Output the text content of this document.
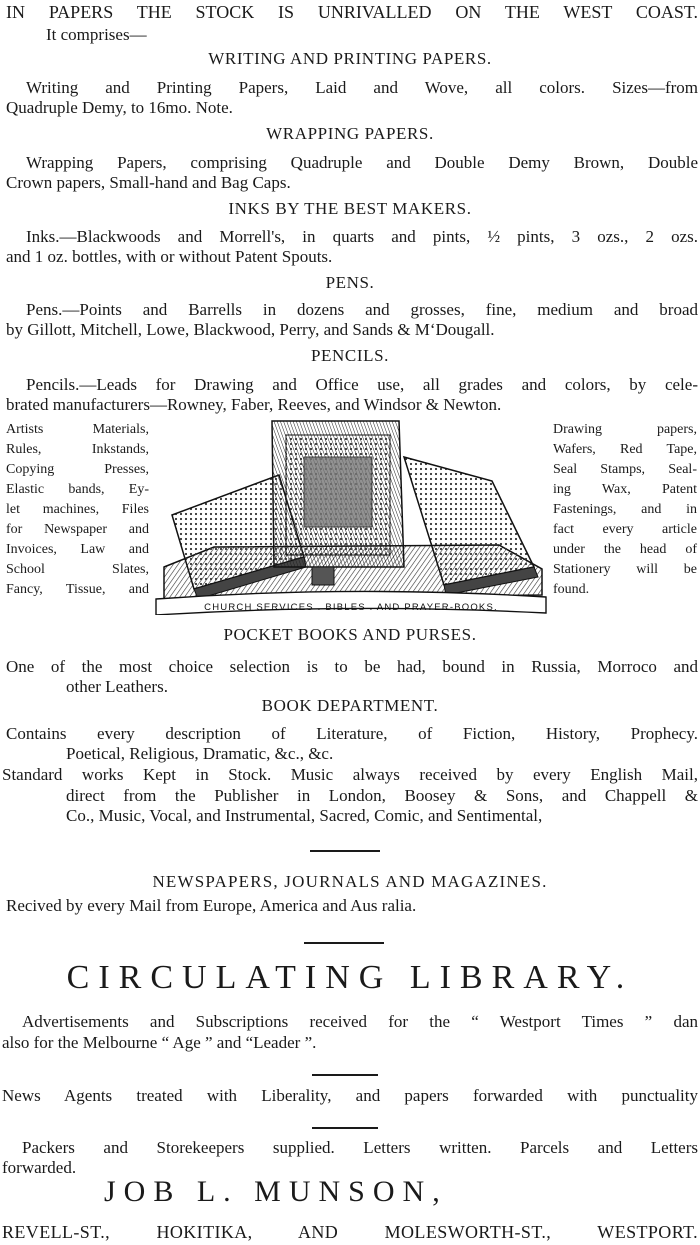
IN PAPERS THE STOCK IS UNRIVALLED ON THE WEST COAST.
It comprises—
WRITING AND PRINTING PAPERS.
Writing and Printing Papers, Laid and Wove, all colors. Sizes—from
Quadruple Demy, to 16mo. Note.
WRAPPING PAPERS.
Wrapping Papers, comprising Quadruple and Double Demy Brown, Double
Crown papers, Small-hand and Bag Caps.
INKS BY THE BEST MAKERS.
Inks.—Blackwoods and Morrell's, in quarts and pints, ½ pints, 3 ozs., 2 ozs.
and 1 oz. bottles, with or without Patent Spouts.
PENS.
Pens.—Points and Barrells in dozens and grosses, fine, medium and broad
by Gillott, Mitchell, Lowe, Blackwood, Perry, and Sands & M‘Dougall.
PENCILS.
Pencils.—Leads for Drawing and Office use, all grades and colors, by cele-
brated manufacturers—Rowney, Faber, Reeves, and Windsor & Newton.
Artists Materials,
Rules, Inkstands,
Copying Presses,
Elastic bands, Ey-
let machines, Files
for Newspaper and
Invoices, Law and
School Slates,
Fancy, Tissue, and
Drawing papers,
Wafers, Red Tape,
Seal Stamps, Seal-
ing Wax, Patent
Fastenings, and in
fact every article
under the head of
Stationery will be
found.
CHURCH SERVICES . BIBLES . AND PRAYER-BOOKS.
POCKET BOOKS AND PURSES.
One of the most choice selection is to be had, bound in Russia, Morroco and
other Leathers.
BOOK DEPARTMENT.
Contains every description of Literature, of Fiction, History, Prophecy.
Poetical, Religious, Dramatic, &c., &c.
Standard works Kept in Stock. Music always received by every English Mail,
direct from the Publisher in London, Boosey & Sons, and Chappell &
Co., Music, Vocal, and Instrumental, Sacred, Comic, and Sentimental,
NEWSPAPERS, JOURNALS AND MAGAZINES.
Recived by every Mail from Europe, America and Aus ralia.
CIRCULATING LIBRARY.
Advertisements and Subscriptions received for the “ Westport Times ” dan
also for the Melbourne “ Age ” and “Leader ”.
News Agents treated with Liberality, and papers forwarded with punctuality
Packers and Storekeepers supplied. Letters written. Parcels and Letters
forwarded.
JOB L. MUNSON,
REVELL-ST., HOKITIKA, AND MOLESWORTH-ST., WESTPORT.
